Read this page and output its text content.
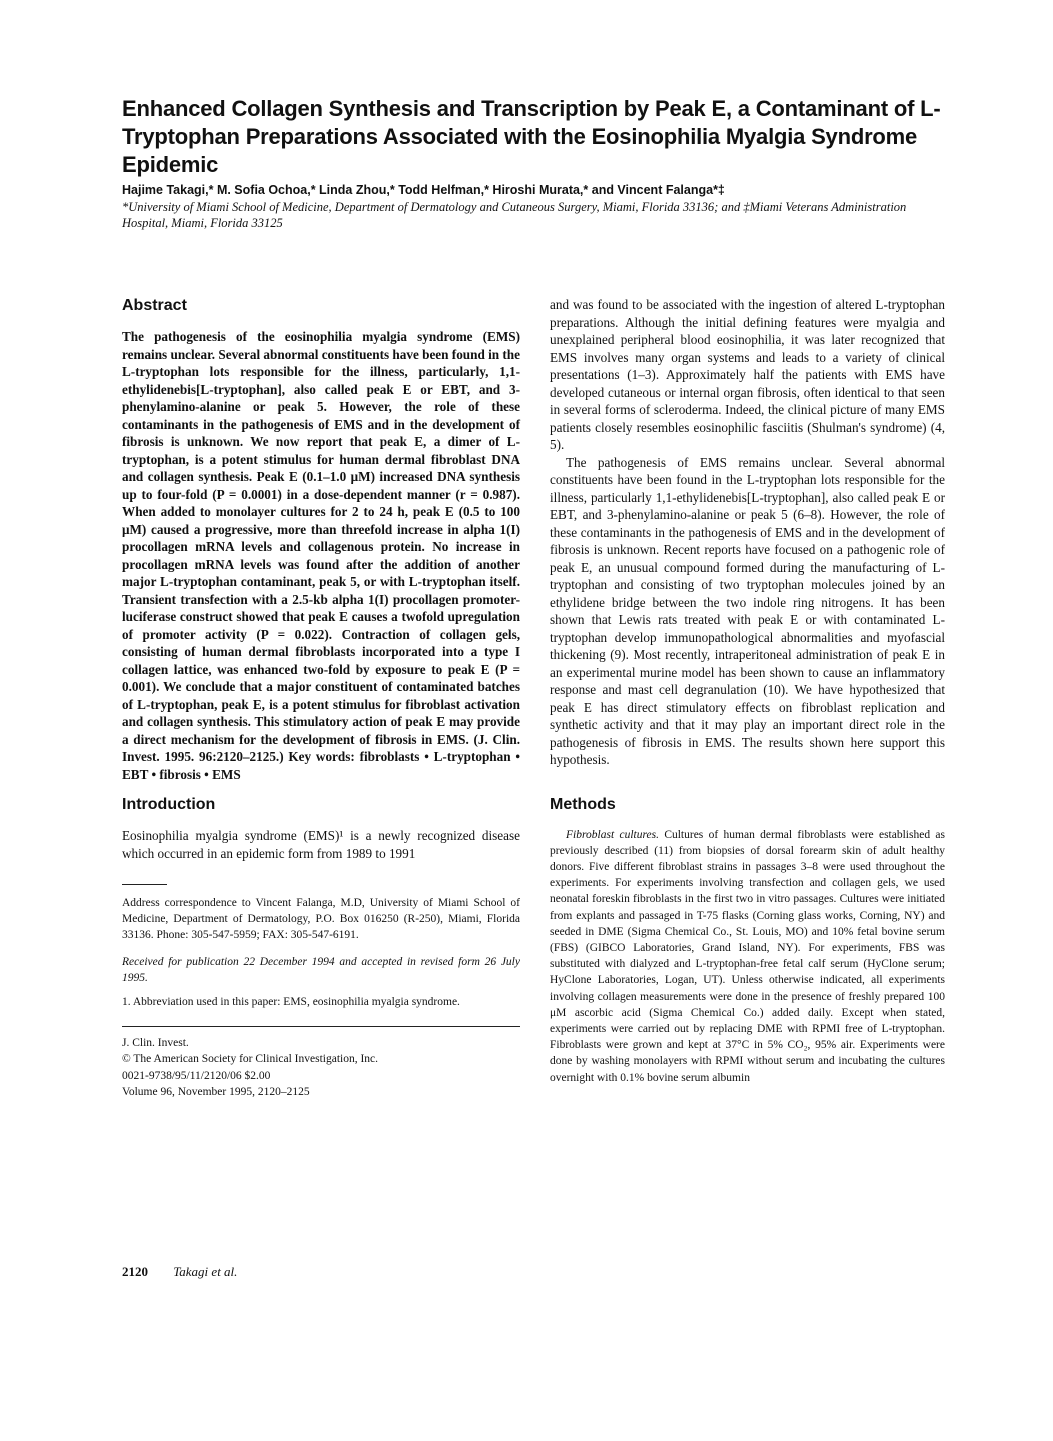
Enhanced Collagen Synthesis and Transcription by Peak E, a Contaminant of L-Tryptophan Preparations Associated with the Eosinophilia Myalgia Syndrome Epidemic
Hajime Takagi,* M. Sofia Ochoa,* Linda Zhou,* Todd Helfman,* Hiroshi Murata,* and Vincent Falanga*‡
*University of Miami School of Medicine, Department of Dermatology and Cutaneous Surgery, Miami, Florida 33136; and ‡Miami Veterans Administration Hospital, Miami, Florida 33125
Abstract

The pathogenesis of the eosinophilia myalgia syndrome (EMS) remains unclear. Several abnormal constituents have been found in the L-tryptophan lots responsible for the illness, particularly, 1,1-ethylidenebis[L-tryptophan], also called peak E or EBT, and 3-phenylamino-alanine or peak 5. However, the role of these contaminants in the pathogenesis of EMS and in the development of fibrosis is unknown. We now report that peak E, a dimer of L-tryptophan, is a potent stimulus for human dermal fibroblast DNA and collagen synthesis. Peak E (0.1–1.0 μM) increased DNA synthesis up to four-fold (P = 0.0001) in a dose-dependent manner (r = 0.987). When added to monolayer cultures for 2 to 24 h, peak E (0.5 to 100 μM) caused a progressive, more than threefold increase in alpha 1(I) procollagen mRNA levels and collagenous protein. No increase in procollagen mRNA levels was found after the addition of another major L-tryptophan contaminant, peak 5, or with L-tryptophan itself. Transient transfection with a 2.5-kb alpha 1(I) procollagen promoter-luciferase construct showed that peak E causes a twofold upregulation of promoter activity (P = 0.022). Contraction of collagen gels, consisting of human dermal fibroblasts incorporated into a type I collagen lattice, was enhanced two-fold by exposure to peak E (P = 0.001). We conclude that a major constituent of contaminated batches of L-tryptophan, peak E, is a potent stimulus for fibroblast activation and collagen synthesis. This stimulatory action of peak E may provide a direct mechanism for the development of fibrosis in EMS. (J. Clin. Invest. 1995. 96:2120–2125.) Key words: fibroblasts • L-tryptophan • EBT • fibrosis • EMS

Introduction

Eosinophilia myalgia syndrome (EMS)¹ is a newly recognized disease which occurred in an epidemic form from 1989 to 1991

Address correspondence to Vincent Falanga, M.D, University of Miami School of Medicine, Department of Dermatology, P.O. Box 016250 (R-250), Miami, Florida 33136. Phone: 305-547-5959; FAX: 305-547-6191.

Received for publication 22 December 1994 and accepted in revised form 26 July 1995.

1. Abbreviation used in this paper: EMS, eosinophilia myalgia syndrome.

J. Clin. Invest.

© The American Society for Clinical Investigation, Inc.

0021-9738/95/11/2120/06 $2.00

Volume 96, November 1995, 2120–2125

and was found to be associated with the ingestion of altered L-tryptophan preparations. Although the initial defining features were myalgia and unexplained peripheral blood eosinophilia, it was later recognized that EMS involves many organ systems and leads to a variety of clinical presentations (1–3). Approximately half the patients with EMS have developed cutaneous or internal organ fibrosis, often identical to that seen in several forms of scleroderma. Indeed, the clinical picture of many EMS patients closely resembles eosinophilic fasciitis (Shulman's syndrome) (4, 5).

The pathogenesis of EMS remains unclear. Several abnormal constituents have been found in the L-tryptophan lots responsible for the illness, particularly 1,1-ethylidenebis[L-tryptophan], also called peak E or EBT, and 3-phenylamino-alanine or peak 5 (6–8). However, the role of these contaminants in the pathogenesis of EMS and in the development of fibrosis is unknown. Recent reports have focused on a pathogenic role of peak E, an unusual compound formed during the manufacturing of L-tryptophan and consisting of two tryptophan molecules joined by an ethylidene bridge between the two indole ring nitrogens. It has been shown that Lewis rats treated with peak E or with contaminated L-tryptophan develop immunopathological abnormalities and myofascial thickening (9). Most recently, intraperitoneal administration of peak E in an experimental murine model has been shown to cause an inflammatory response and mast cell degranulation (10). We have hypothesized that peak E has direct stimulatory effects on fibroblast replication and synthetic activity and that it may play an important direct role in the pathogenesis of fibrosis in EMS. The results shown here support this hypothesis.

Methods

Fibroblast cultures. Cultures of human dermal fibroblasts were established as previously described (11) from biopsies of dorsal forearm skin of adult healthy donors. Five different fibroblast strains in passages 3–8 were used throughout the experiments. For experiments involving transfection and collagen gels, we used neonatal foreskin fibroblasts in the first two in vitro passages. Cultures were initiated from explants and passaged in T-75 flasks (Corning glass works, Corning, NY) and seeded in DME (Sigma Chemical Co., St. Louis, MO) and 10% fetal bovine serum (FBS) (GIBCO Laboratories, Grand Island, NY). For experiments, FBS was substituted with dialyzed and L-tryptophan-free fetal calf serum (HyClone serum; HyClone Laboratories, Logan, UT). Unless otherwise indicated, all experiments involving collagen measurements were done in the presence of freshly prepared 100 μM ascorbic acid (Sigma Chemical Co.) added daily. Except when stated, experiments were carried out by replacing DME with RPMI free of L-tryptophan. Fibroblasts were grown and kept at 37°C in 5% CO₂, 95% air. Experiments were done by washing monolayers with RPMI without serum and incubating the cultures overnight with 0.1% bovine serum albumin

2120 Takagi et al.
